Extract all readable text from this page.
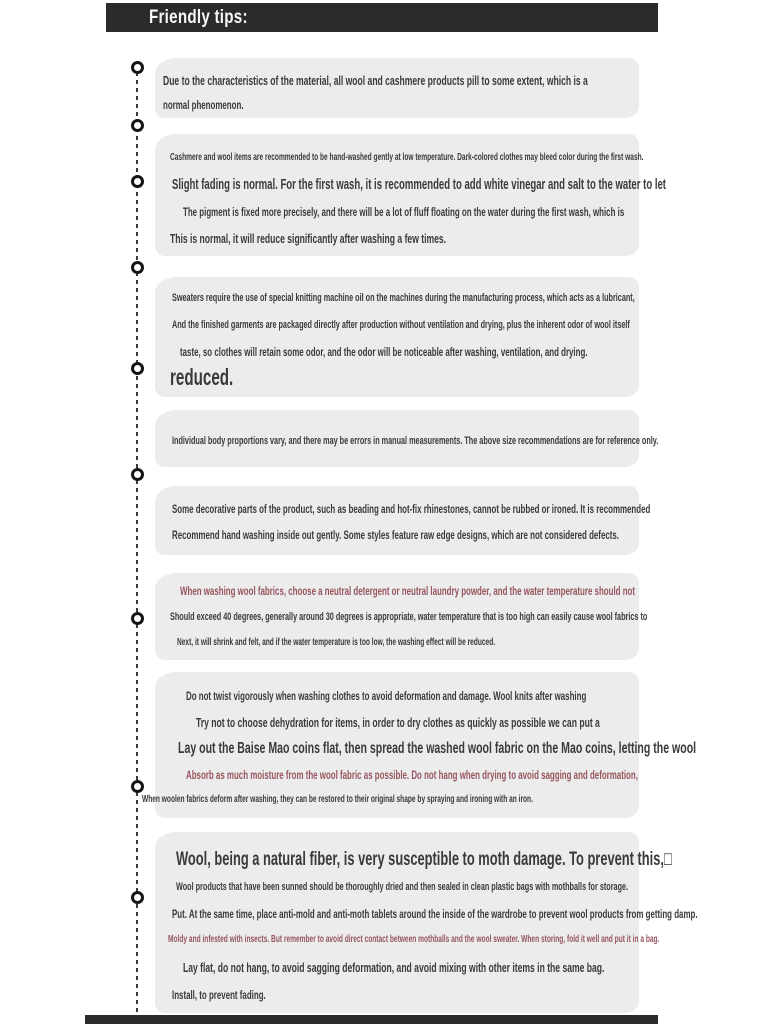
Friendly tips:
Due to the characteristics of the material, all wool and cashmere products pill to some extent, which is a
normal phenomenon.
Cashmere and wool items are recommended to be hand-washed gently at low temperature. Dark-colored clothes may bleed color during the first wash.
Slight fading is normal. For the first wash, it is recommended to add white vinegar and salt to the water to let
The pigment is fixed more precisely, and there will be a lot of fluff floating on the water during the first wash, which is
This is normal, it will reduce significantly after washing a few times.
Sweaters require the use of special knitting machine oil on the machines during the manufacturing process, which acts as a lubricant,
And the finished garments are packaged directly after production without ventilation and drying, plus the inherent odor of wool itself
taste, so clothes will retain some odor, and the odor will be noticeable after washing, ventilation, and drying.
reduced.
Individual body proportions vary, and there may be errors in manual measurements. The above size recommendations are for reference only.
Some decorative parts of the product, such as beading and hot-fix rhinestones, cannot be rubbed or ironed. It is recommended
Recommend hand washing inside out gently. Some styles feature raw edge designs, which are not considered defects.
When washing wool fabrics, choose a neutral detergent or neutral laundry powder, and the water temperature should not
Should exceed 40 degrees, generally around 30 degrees is appropriate, water temperature that is too high can easily cause wool fabrics to
Next, it will shrink and felt, and if the water temperature is too low, the washing effect will be reduced.
Do not twist vigorously when washing clothes to avoid deformation and damage. Wool knits after washing
Try not to choose dehydration for items, in order to dry clothes as quickly as possible we can put a
Lay out the Baise Mao coins flat, then spread the washed wool fabric on the Mao coins, letting the wool
Absorb as much moisture from the wool fabric as possible. Do not hang when drying to avoid sagging and deformation,
When woolen fabrics deform after washing, they can be restored to their original shape by spraying and ironing with an iron.
Wool, being a natural fiber, is very susceptible to moth damage. To prevent this,□
Wool products that have been sunned should be thoroughly dried and then sealed in clean plastic bags with mothballs for storage.
Put. At the same time, place anti-mold and anti-moth tablets around the inside of the wardrobe to prevent wool products from getting damp.
Moldy and infested with insects. But remember to avoid direct contact between mothballs and the wool sweater. When storing, fold it well and put it in a bag.
Lay flat, do not hang, to avoid sagging deformation, and avoid mixing with other items in the same bag.
Install, to prevent fading.
